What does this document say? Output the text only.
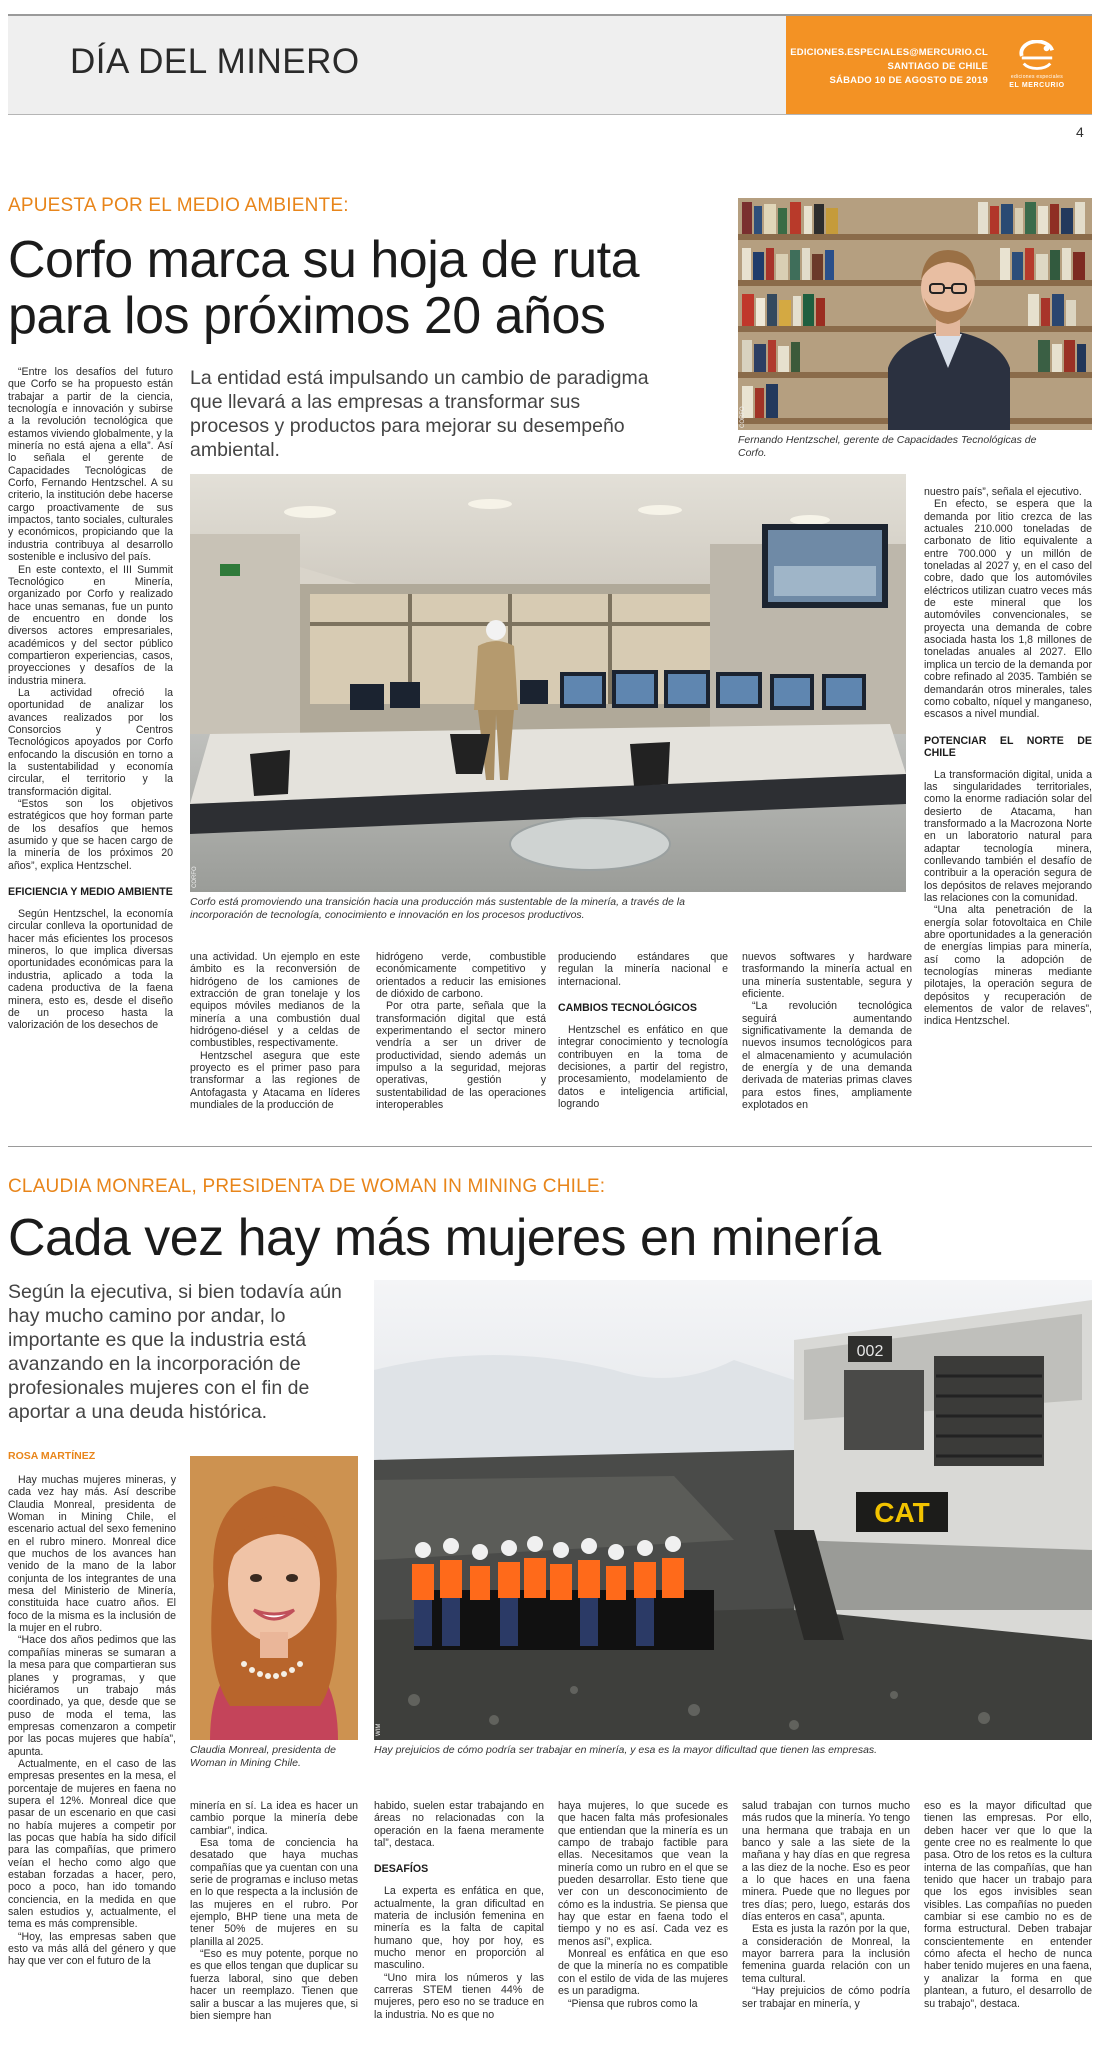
DÍA DEL MINERO	EDICIONES.ESPECIALES@MERCURIO.CL
SANTIAGO DE CHILE
SÁBADO 10 DE AGOSTO DE 2019	ediciones especiales
EL MERCURIO
4
APUESTA POR EL MEDIO AMBIENTE:
Corfo marca su hoja de ruta
para los próximos 20 años
CORFO
Fernando Hentzschel, gerente de Capacidades Tecnológicas de Corfo.
La entidad está impulsando un cambio de paradigma que llevará a las empresas a transformar sus procesos y productos para mejorar su desempeño ambiental.

“Entre los desafíos del futuro que Corfo se ha propuesto están trabajar a partir de la ciencia, tecnología e innovación y subirse a la revolución tecnológica que estamos viviendo globalmente, y la minería no está ajena a ella”. Así lo señala el gerente de Capacidades Tecnológicas de Corfo, Fernando Hentzschel. A su criterio, la institución debe hacerse cargo proactivamente de sus impactos, tanto sociales, culturales y económicos, propiciando que la industria contribuya al desarrollo sostenible e inclusivo del país.

En este contexto, el III Summit Tecnológico en Minería, organizado por Corfo y realizado hace unas semanas, fue un punto de encuentro en donde los diversos actores empresariales, académicos y del sector público compartieron experiencias, casos, proyecciones y desafíos de la industria minera.

La actividad ofreció la oportunidad de analizar los avances realizados por los Consorcios y Centros Tecnológicos apoyados por Corfo enfocando la discusión en torno a la sustentabilidad y economía circular, el territorio y la transformación digital.

“Estos son los objetivos estratégicos que hoy forman parte de los desafíos que hemos asumido y que se hacen cargo de la minería de los próximos 20 años”, explica Hentzschel.

EFICIENCIA Y MEDIO AMBIENTE

Según Hentzschel, la economía circular conlleva la oportunidad de hacer más eficientes los procesos mineros, lo que implica diversas oportunidades económicas para la industria, aplicado a toda la cadena productiva de la faena minera, esto es, desde el diseño de un proceso hasta la valorización de los desechos de

CORFO
Corfo está promoviendo una transición hacia una producción más sustentable de la minería, a través de la incorporación de tecnología, conocimiento e innovación en los procesos productivos.

una actividad. Un ejemplo en este ámbito es la reconversión de hidrógeno de los camiones de extracción de gran tonelaje y los equipos móviles medianos de la minería a una combustión dual hidrógeno-diésel y a celdas de combustibles, respectivamente.

Hentzschel asegura que este proyecto es el primer paso para transformar a las regiones de Antofagasta y Atacama en líderes mundiales de la producción de

hidrógeno verde, combustible económicamente competitivo y orientados a reducir las emisiones de dióxido de carbono.

Por otra parte, señala que la transformación digital que está experimentando el sector minero vendría a ser un driver de productividad, siendo además un impulso a la seguridad, mejoras operativas, gestión y sustentabilidad de las operaciones interoperables

produciendo estándares que regulan la minería nacional e internacional.

CAMBIOS TECNOLÓGICOS

Hentzschel es enfático en que integrar conocimiento y tecnología contribuyen en la toma de decisiones, a partir del registro, procesamiento, modelamiento de datos e inteligencia artificial, logrando

nuevos softwares y hardware trasformando la minería actual en una minería sustentable, segura y eficiente.

“La revolución tecnológica seguirá aumentando significativamente la demanda de nuevos insumos tecnológicos para el almacenamiento y acumulación de energía y de una demanda derivada de materias primas claves para estos fines, ampliamente explotados en

nuestro país”, señala el ejecutivo.

En efecto, se espera que la demanda por litio crezca de las actuales 210.000 toneladas de carbonato de litio equivalente a entre 700.000 y un millón de toneladas al 2027 y, en el caso del cobre, dado que los automóviles eléctricos utilizan cuatro veces más de este mineral que los automóviles convencionales, se proyecta una demanda de cobre asociada hasta los 1,8 millones de toneladas anuales al 2027. Ello implica un tercio de la demanda por cobre refinado al 2035. También se demandarán otros minerales, tales como cobalto, níquel y manganeso, escasos a nivel mundial.

POTENCIAR EL NORTE DE CHILE

La transformación digital, unida a las singularidades territoriales, como la enorme radiación solar del desierto de Atacama, han transformado a la Macrozona Norte en un laboratorio natural para adaptar tecnología minera, conllevando también el desafío de contribuir a la operación segura de los depósitos de relaves mejorando las relaciones con la comunidad.

“Una alta penetración de la energía solar fotovoltaica en Chile abre oportunidades a la generación de energías limpias para minería, así como la adopción de tecnologías mineras mediante pilotajes, la operación segura de depósitos y recuperación de elementos de valor de relaves”, indica Hentzschel.

CLAUDIA MONREAL, PRESIDENTA DE WOMAN IN MINING CHILE:
Cada vez hay más mujeres en minería
Según la ejecutiva, si bien todavía aún hay mucho camino por andar, lo importante es que la industria está avanzando en la incorporación de profesionales mujeres con el fin de aportar a una deuda histórica.
ROSA MARTÍNEZ
Claudia Monreal, presidenta de Woman in Mining Chile.
CAT
002
WIM
Hay prejuicios de cómo podría ser trabajar en minería, y esa es la mayor dificultad que tienen las empresas.

Hay muchas mujeres mineras, y cada vez hay más. Así describe Claudia Monreal, presidenta de Woman in Mining Chile, el escenario actual del sexo femenino en el rubro minero. Monreal dice que muchos de los avances han venido de la mano de la labor conjunta de los integrantes de una mesa del Ministerio de Minería, constituida hace cuatro años. El foco de la misma es la inclusión de la mujer en el rubro.

“Hace dos años pedimos que las compañías mineras se sumaran a la mesa para que compartieran sus planes y programas, y que hiciéramos un trabajo más coordinado, ya que, desde que se puso de moda el tema, las empresas comenzaron a competir por las pocas mujeres que había”, apunta.

Actualmente, en el caso de las empresas presentes en la mesa, el porcentaje de mujeres en faena no supera el 12%. Monreal dice que pasar de un escenario en que casi no había mujeres a competir por las pocas que había ha sido difícil para las compañías, que primero veían el hecho como algo que estaban forzadas a hacer, pero, poco a poco, han ido tomando conciencia, en la medida en que salen estudios y, actualmente, el tema es más comprensible.

“Hoy, las empresas saben que esto va más allá del género y que hay que ver con el futuro de la

minería en sí. La idea es hacer un cambio porque la minería debe cambiar”, indica.

Esa toma de conciencia ha desatado que haya muchas compañías que ya cuentan con una serie de programas e incluso metas en lo que respecta a la inclusión de las mujeres en el rubro. Por ejemplo, BHP tiene una meta de tener 50% de mujeres en su planilla al 2025.

“Eso es muy potente, porque no es que ellos tengan que duplicar su fuerza laboral, sino que deben hacer un reemplazo. Tienen que salir a buscar a las mujeres que, si bien siempre han

habido, suelen estar trabajando en áreas no relacionadas con la operación en la faena meramente tal”, destaca.

DESAFÍOS

La experta es enfática en que, actualmente, la gran dificultad en materia de inclusión femenina en minería es la falta de capital humano que, hoy por hoy, es mucho menor en proporción al masculino.

“Uno mira los números y las carreras STEM tienen 44% de mujeres, pero eso no se traduce en la industria. No es que no

haya mujeres, lo que sucede es que hacen falta más profesionales que entiendan que la minería es un campo de trabajo factible para ellas. Necesitamos que vean la minería como un rubro en el que se pueden desarrollar. Esto tiene que ver con un desconocimiento de cómo es la industria. Se piensa que hay que estar en faena todo el tiempo y no es así. Cada vez es menos así”, explica.

Monreal es enfática en que eso de que la minería no es compatible con el estilo de vida de las mujeres es un paradigma.

“Piensa que rubros como la

salud trabajan con turnos mucho más rudos que la minería. Yo tengo una hermana que trabaja en un banco y sale a las siete de la mañana y hay días en que regresa a las diez de la noche. Eso es peor a lo que haces en una faena minera. Puede que no llegues por tres días; pero, luego, estarás dos días enteros en casa”, apunta.

Esta es justa la razón por la que, a consideración de Monreal, la mayor barrera para la inclusión femenina guarda relación con un tema cultural.

“Hay prejuicios de cómo podría ser trabajar en minería, y

eso es la mayor dificultad que tienen las empresas. Por ello, deben hacer ver que lo que la gente cree no es realmente lo que pasa. Otro de los retos es la cultura interna de las compañías, que han tenido que hacer un trabajo para que los egos invisibles sean visibles. Las compañías no pueden cambiar si ese cambio no es de forma estructural. Deben trabajar conscientemente en entender cómo afecta el hecho de nunca haber tenido mujeres en una faena, y analizar la forma en que plantean, a futuro, el desarrollo de su trabajo”, destaca.
